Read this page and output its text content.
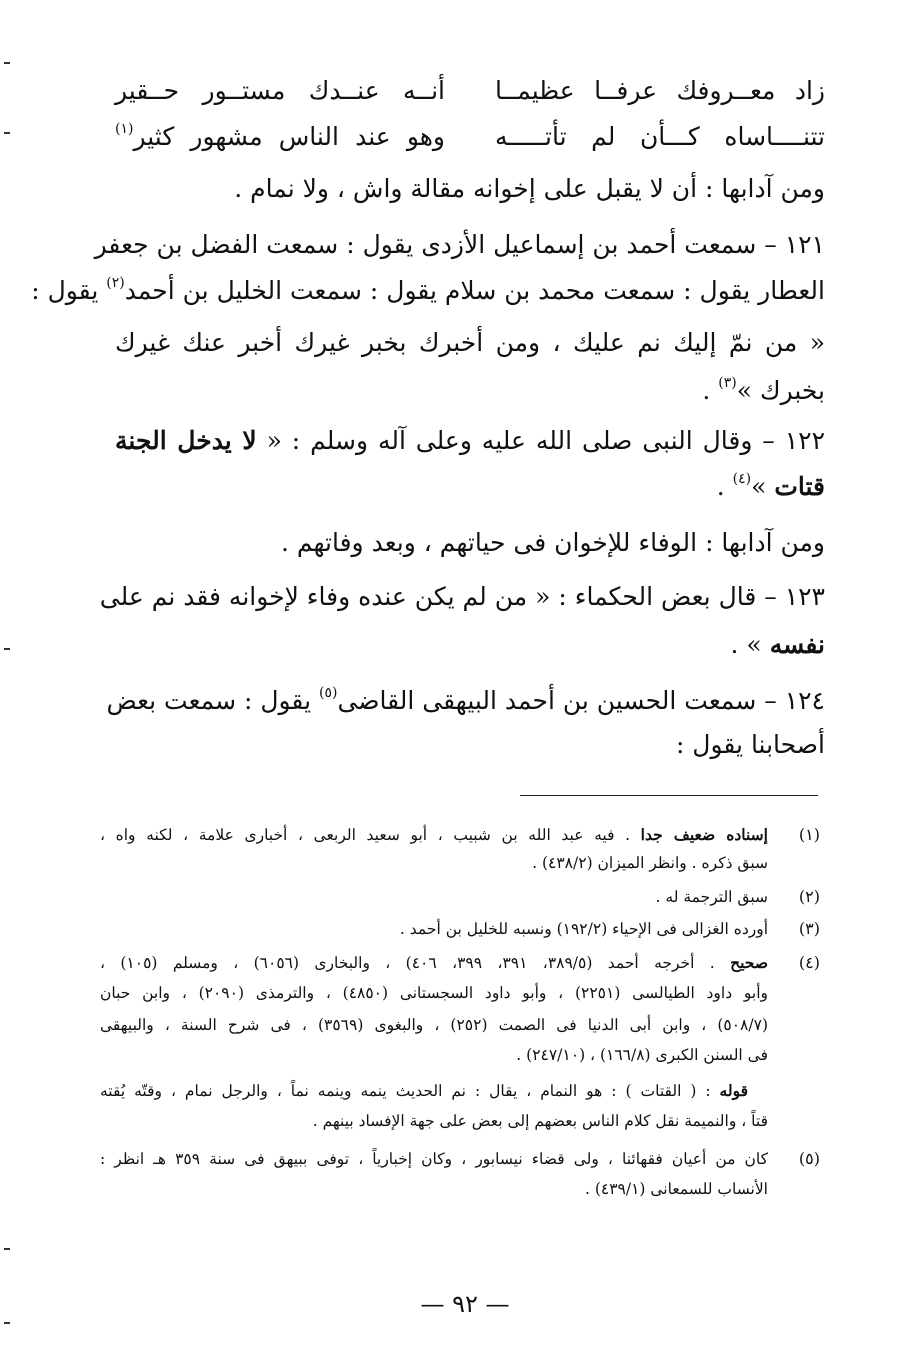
زاد معــروفك عرفــا عظيمــا
أنــه عنــدك مستــور حــقير
تتنــــاساه كـــأن لم تأتـــــه
وهو عند الناس مشهور كثير$^{(١)}$
ومن آدابها : أن لا يقبل على إخوانه مقالة واش ، ولا نمام .
١٢١ – سمعت أحمد بن إسماعيل الأزدى يقول : سمعت الفضل بن جعفر
العطار يقول : سمعت محمد بن سلام يقول : سمعت الخليل بن أحمد$^{(٢)}$ يقول :
« من نمّ إليك نم عليك ، ومن أخبرك بخبر غيرك أخبر عنك غيرك
بخبرك »$^{(٣)}$ .
١٢٢ – وقال النبى صلى الله عليه وعلى آله وسلم : « لا يدخل الجنة
قتات »$^{(٤)}$ .
ومن آدابها : الوفاء للإخوان فى حياتهم ، وبعد وفاتهم .
١٢٣ – قال بعض الحكماء : « من لم يكن عنده وفاء لإخوانه فقد نم على
نفسه » .
١٢٤ – سمعت الحسين بن أحمد البيهقى القاضى$^{(٥)}$ يقول : سمعت بعض
أصحابنا يقول :
(١)
إسناده ضعيف جدا . فيه عبد الله بن شبيب ، أبو سعيد الربعى ، أخبارى علامة ، لكنه واه ،
سبق ذكره . وانظر الميزان (٤٣٨/٢) .
(٢)
سبق الترجمة له .
(٣)
أورده الغزالى فى الإحياء (١٩٢/٢) ونسبه للخليل بن أحمد .
(٤)
صحيح . أخرجه أحمد (٣٨٩/٥، ٣٩١، ٣٩٩، ٤٠٦) ، والبخارى (٦٠٥٦) ، ومسلم (١٠٥) ،
وأبو داود الطيالسى (٢٢٥١) ، وأبو داود السجستانى (٤٨٥٠) ، والترمذى (٢٠٩٠) ، وابن حبان
(٥٠٨/٧) ، وابن أبى الدنيا فى الصمت (٢٥٢) ، والبغوى (٣٥٦٩) ، فى شرح السنة ، والبيهقى
فى السنن الكبرى (١٦٦/٨) ، (٢٤٧/١٠) .
قوله : ( القتات ) : هو النمام ، يقال : نم الحديث ينمه وينمه نماً ، والرجل نمام ، وقتّه يُقته
قتاً ، والنميمة نقل كلام الناس بعضهم إلى بعض على جهة الإفساد بينهم .
(٥)
كان من أعيان فقهائنا ، ولى قضاء نيسابور ، وكان إخبارياً ، توفى ببيهق فى سنة ٣٥٩ هـ انظر :
الأنساب للسمعانى (٤٣٩/١) .
— ٩٢ —
